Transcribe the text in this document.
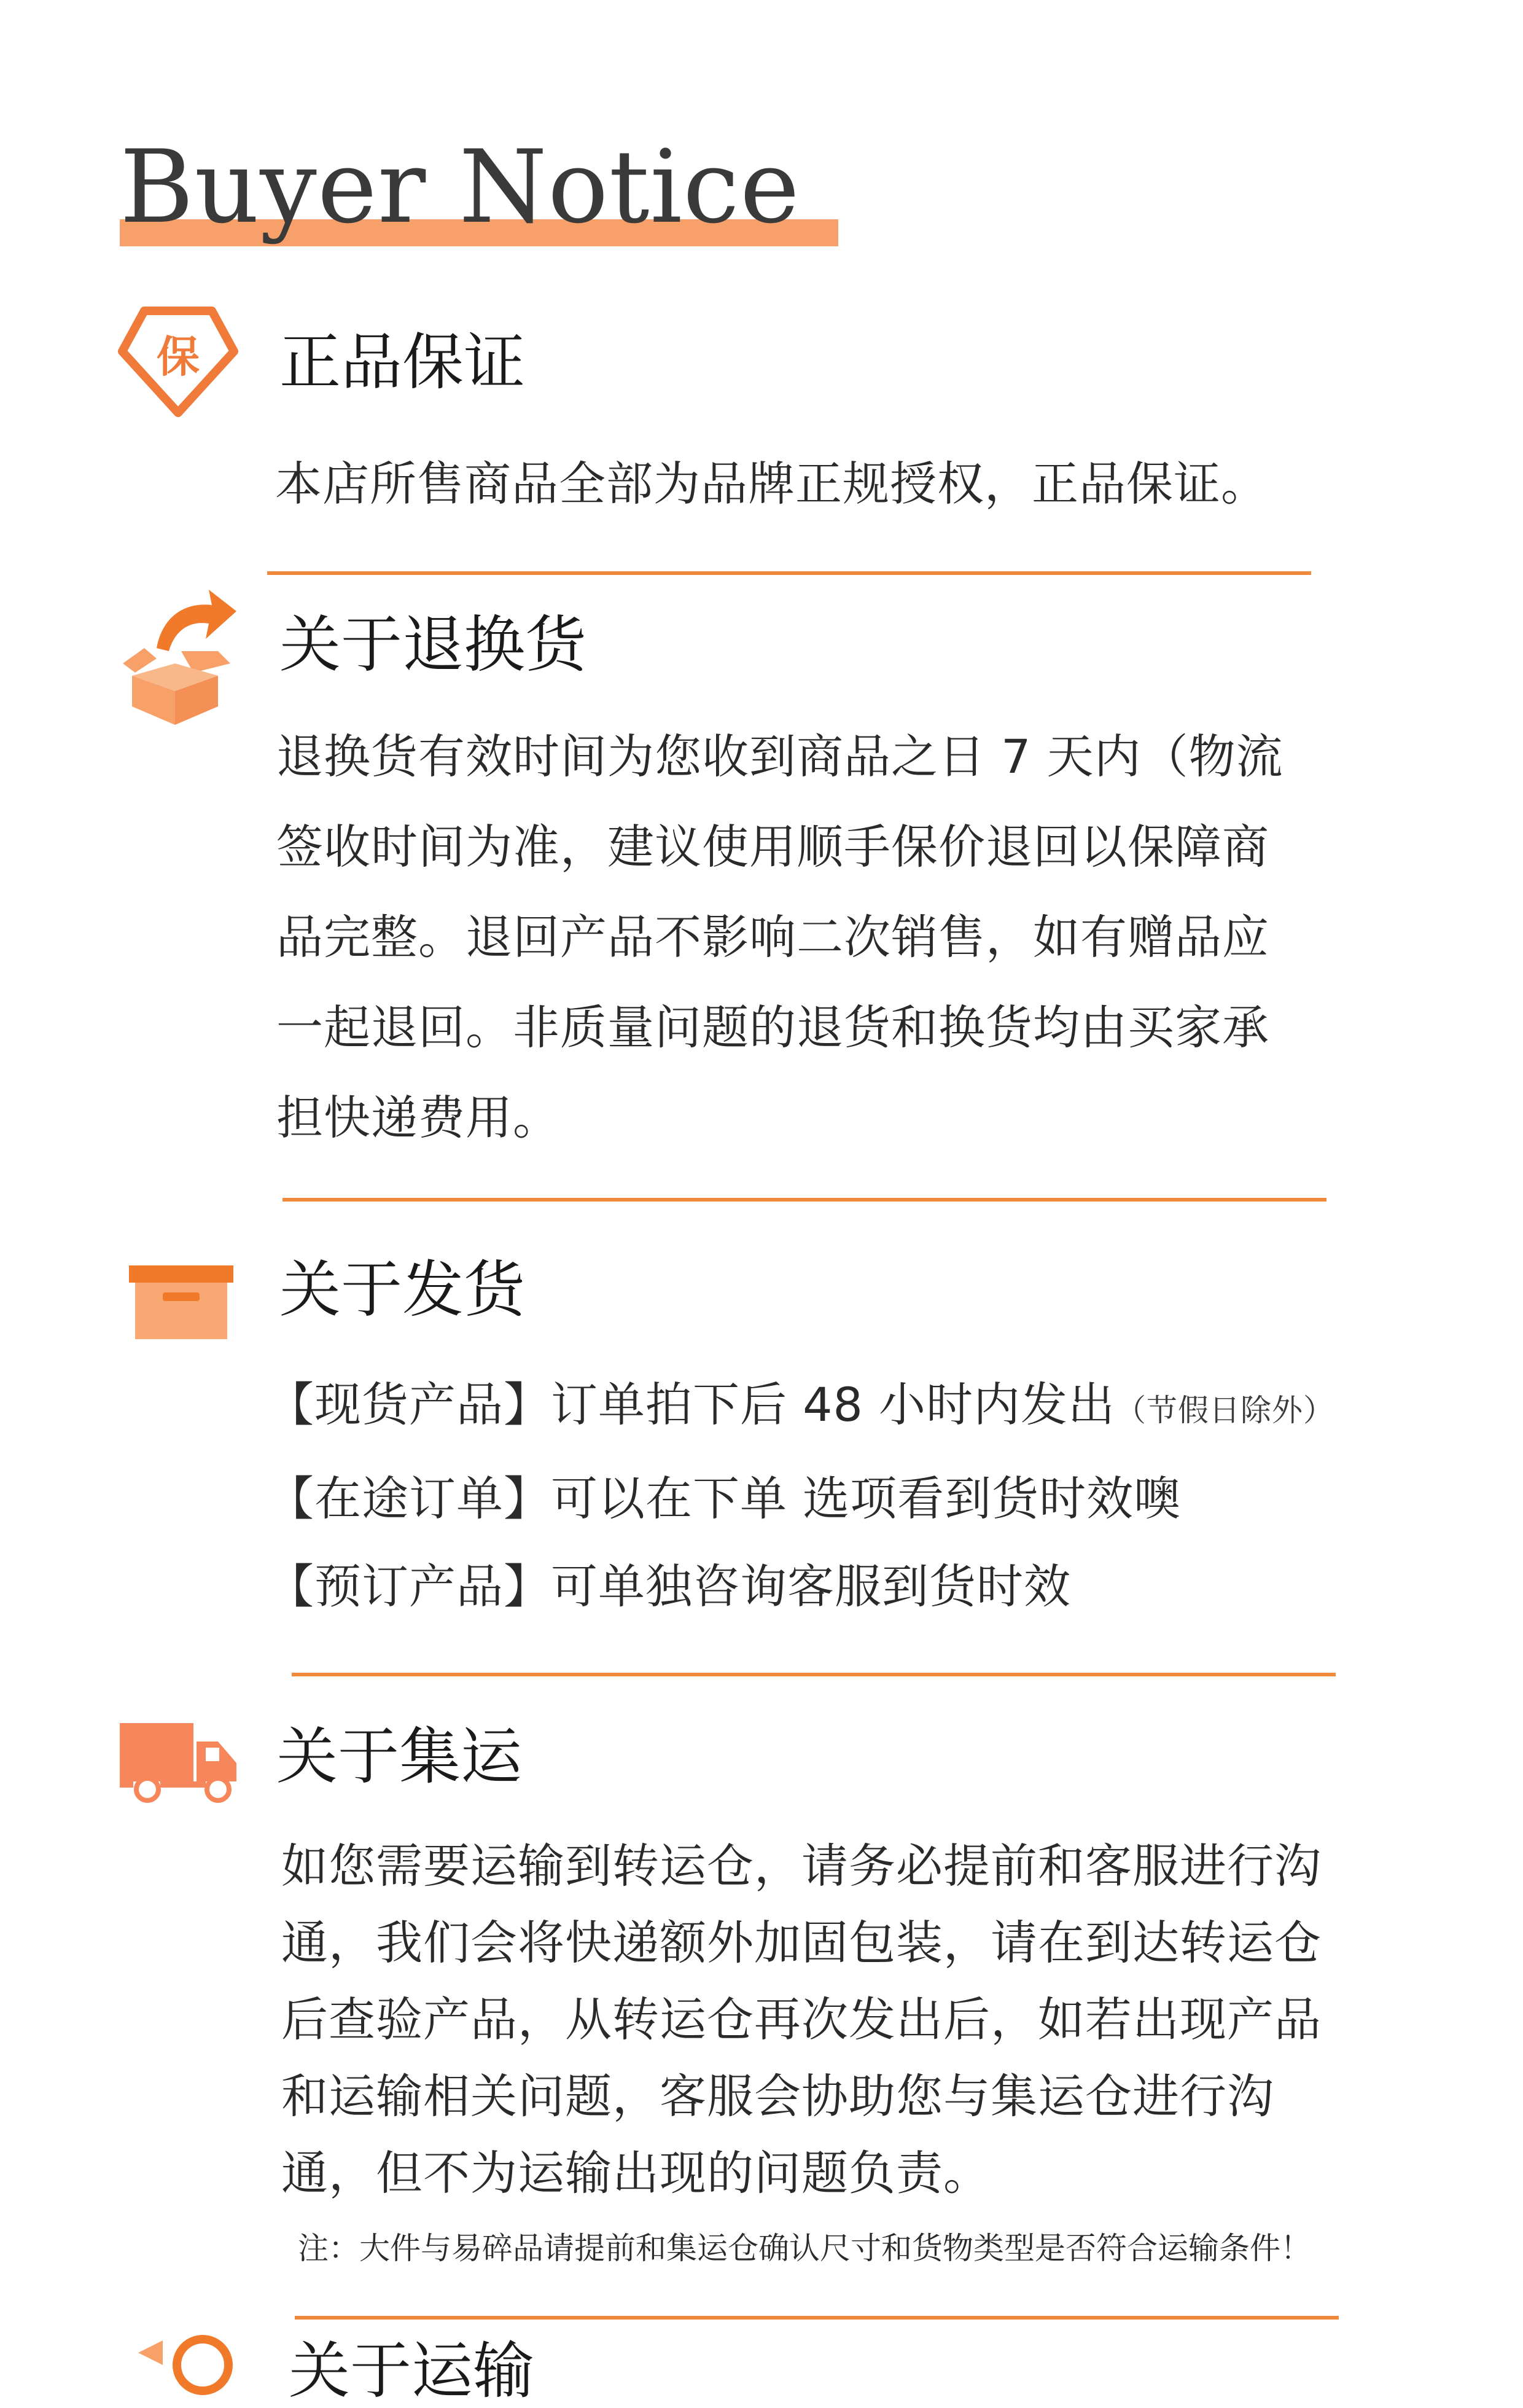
Buyer Notice
保 正品保证
本店所售商品全部为品牌正规授权，正品保证。
关于退换货
退换货有效时间为您收到商品之日 7 天内（物流
签收时间为准，建议使用顺手保价退回以保障商
品完整。退回产品不影响二次销售，如有赠品应
一起退回。非质量问题的退货和换货均由买家承
担快递费用。
关于发货
【现货产品】订单拍下后 48 小时内发出（节假日除外）
【在途订单】可以在下单 选项看到货时效噢
【预订产品】可单独咨询客服到货时效
关于集运
如您需要运输到转运仓，请务必提前和客服进行沟
通，我们会将快递额外加固包装，请在到达转运仓
后查验产品，从转运仓再次发出后，如若出现产品
和运输相关问题，客服会协助您与集运仓进行沟
通，但不为运输出现的问题负责。
注：大件与易碎品请提前和集运仓确认尺寸和货物类型是否符合运输条件！
关于运输
